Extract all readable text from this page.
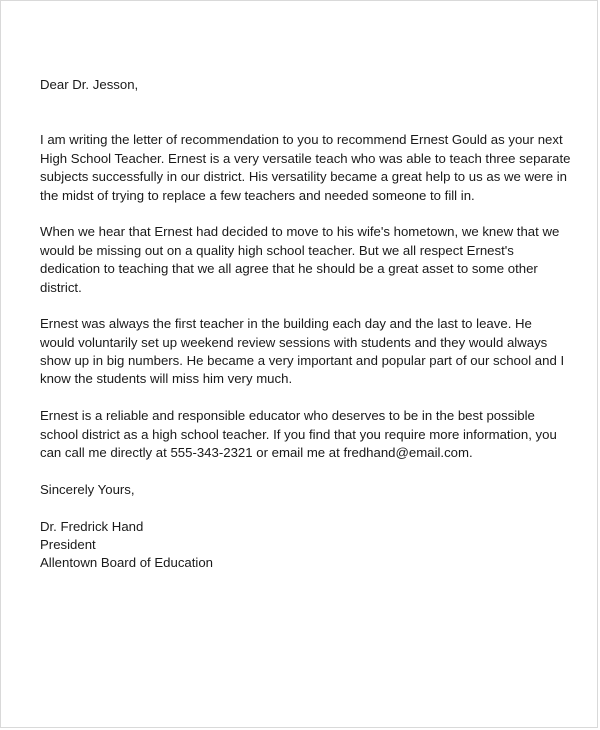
Dear Dr. Jesson,
I am writing the letter of recommendation to you to recommend Ernest Gould as your next
High School Teacher. Ernest is a very versatile teach who was able to teach three separate
subjects successfully in our district. His versatility became a great help to us as we were in
the midst of trying to replace a few teachers and needed someone to fill in.
When we hear that Ernest had decided to move to his wife's hometown, we knew that we
would be missing out on a quality high school teacher. But we all respect Ernest's
dedication to teaching that we all agree that he should be a great asset to some other
district.
Ernest was always the first teacher in the building each day and the last to leave. He
would voluntarily set up weekend review sessions with students and they would always
show up in big numbers. He became a very important and popular part of our school and I
know the students will miss him very much.
Ernest is a reliable and responsible educator who deserves to be in the best possible
school district as a high school teacher. If you find that you require more information, you
can call me directly at 555-343-2321 or email me at fredhand@email.com.
Sincerely Yours,
Dr. Fredrick Hand
President
Allentown Board of Education
